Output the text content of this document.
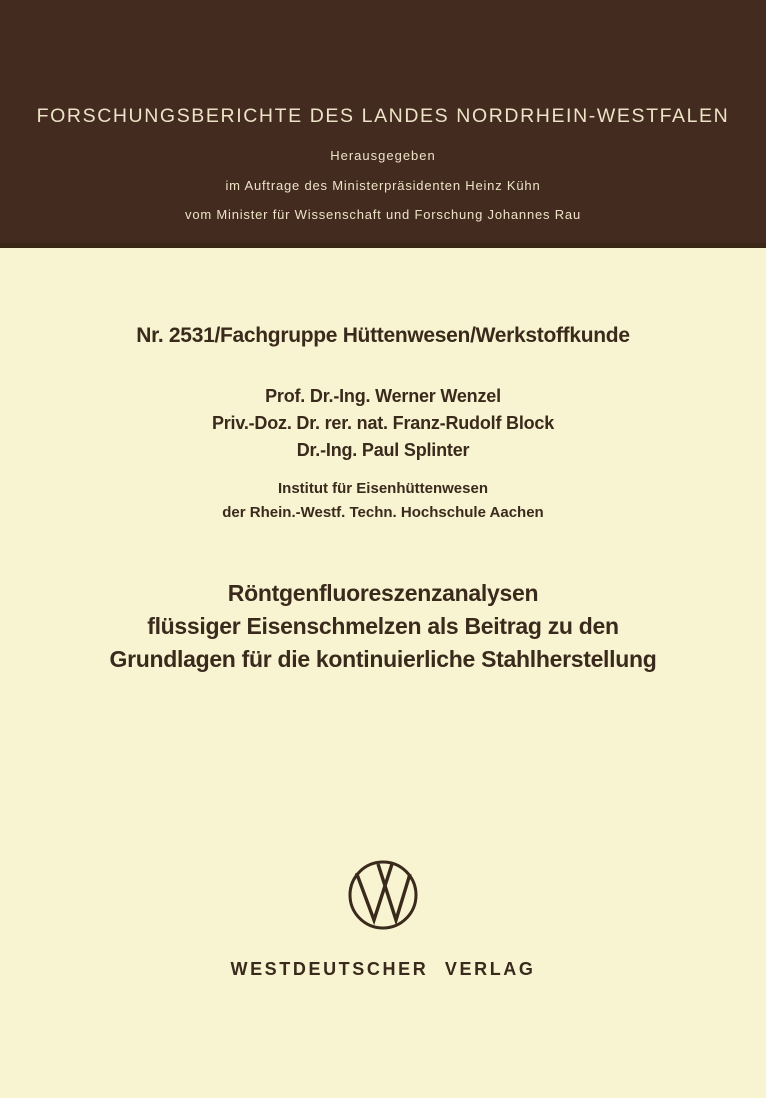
FORSCHUNGSBERICHTE DES LANDES NORDRHEIN-WESTFALEN
Herausgegeben
im Auftrage des Ministerpräsidenten Heinz Kühn
vom Minister für Wissenschaft und Forschung Johannes Rau
Nr. 2531/Fachgruppe Hüttenwesen/Werkstoffkunde
Prof. Dr.-Ing. Werner Wenzel
Priv.-Doz. Dr. rer. nat. Franz-Rudolf Block
Dr.-Ing. Paul Splinter
Institut für Eisenhüttenwesen
der Rhein.-Westf. Techn. Hochschule Aachen
Röntgenfluoreszenzanalysen
flüssiger Eisenschmelzen als Beitrag zu den
Grundlagen für die kontinuierliche Stahlherstellung
WESTDEUTSCHER VERLAG
